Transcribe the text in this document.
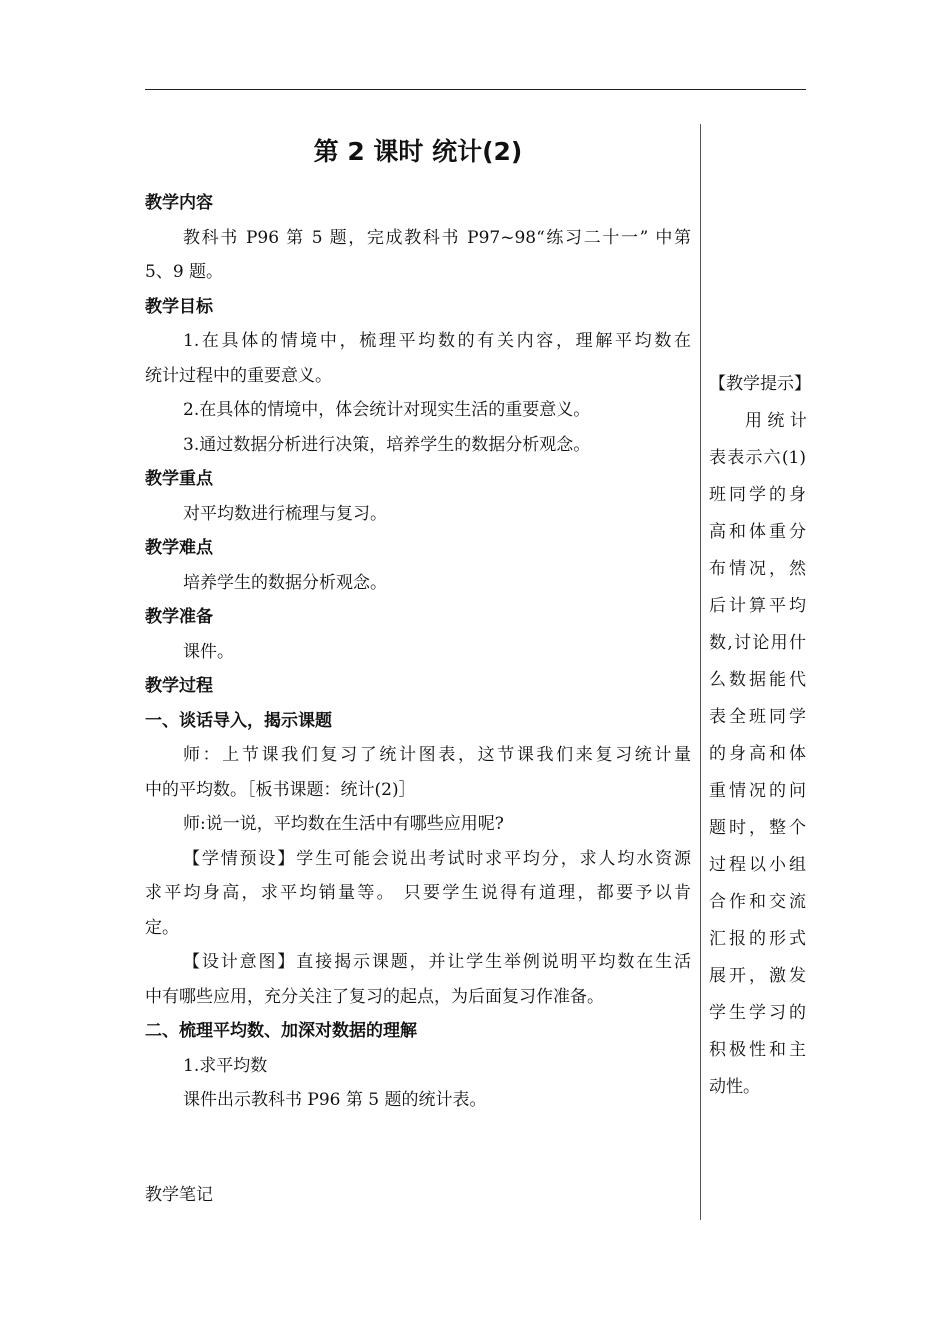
第 2 课时 统计(2)
教学内容
教科书 P96 第 5 题，完成教科书 P97~98“练习二十一” 中第
5、9 题。
教学目标
1.在具体的情境中，梳理平均数的有关内容，理解平均数在
统计过程中的重要意义。
2.在具体的情境中，体会统计对现实生活的重要意义。
3.通过数据分析进行决策，培养学生的数据分析观念。
教学重点
对平均数进行梳理与复习。
教学难点
培养学生的数据分析观念。
教学准备
课件。
教学过程
一、谈话导入，揭示课题
师：上节课我们复习了统计图表，这节课我们来复习统计量
中的平均数。［板书课题：统计(2)］
师:说一说，平均数在生活中有哪些应用呢?
【学情预设】学生可能会说出考试时求平均分，求人均水资源
求平均身高，求平均销量等。 只要学生说得有道理，都要予以肯
定。
【设计意图】直接揭示课题，并让学生举例说明平均数在生活
中有哪些应用，充分关注了复习的起点，为后面复习作准备。
二、梳理平均数、加深对数据的理解
1.求平均数
课件出示教科书 P96 第 5 题的统计表。
教学笔记
【教学提示】
用 统 计
表表示六(1)
班同学的身
高和体重分
布情况，然
后计算平均
数,讨论用什
么数据能代
表全班同学
的身高和体
重情况的问
题时，整个
过程以小组
合作和交流
汇报的形式
展开，激发
学生学习的
积极性和主
动性。
